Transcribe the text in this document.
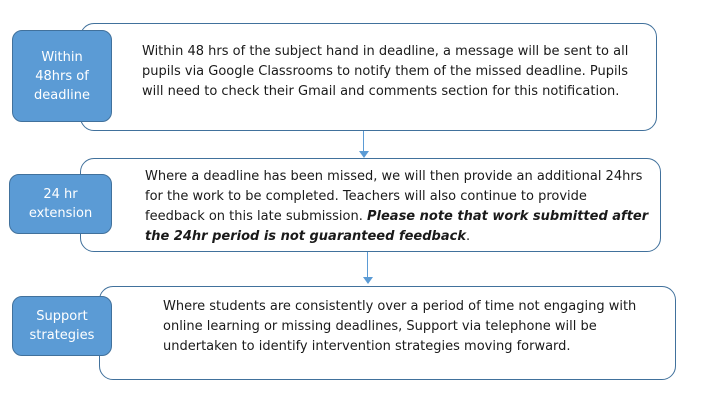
Within 48 hrs of the subject hand in deadline, a message will be sent to all pupils via Google Classrooms to notify them of the missed deadline. Pupils will need to check their Gmail and comments section for this notification.

Within 48hrs of deadline

Where a deadline has been missed, we will then provide an additional 24hrs for the work to be completed. Teachers will also continue to provide feedback on this late submission. Please note that work submitted after the 24hr period is not guaranteed feedback.

24 hr extension

Where students are consistently over a period of time not engaging with online learning or missing deadlines, Support via telephone will be undertaken to identify intervention strategies moving forward.

Support strategies
